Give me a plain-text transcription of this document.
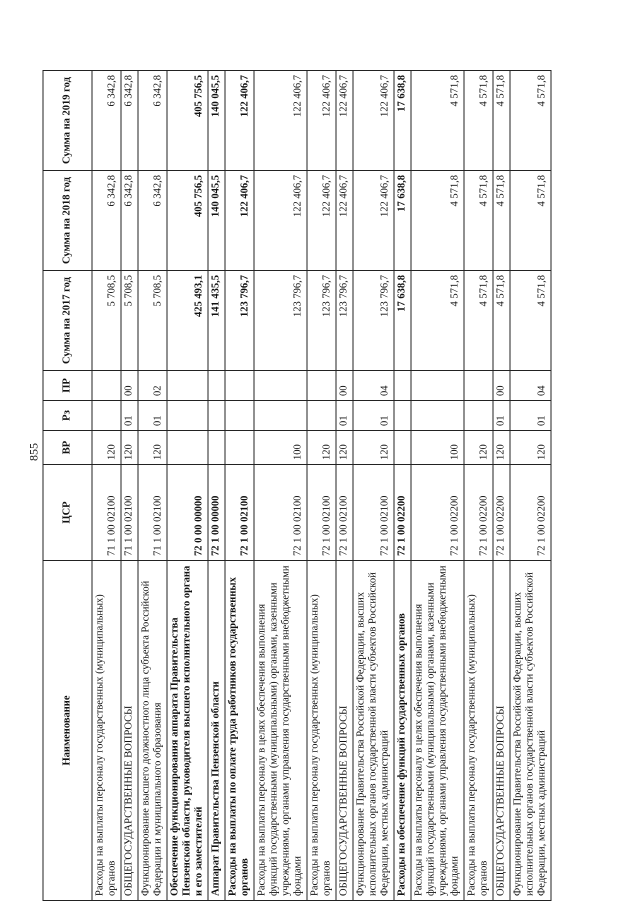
855
Наименование	ЦСР	ВР	Рз	ПР	Сумма на 2017 год	Сумма на 2018 год	Сумма на 2019 год
Расходы на выплаты персоналу государственных (муниципальных) органов	71 1 00 02100	120			5 708,5	6 342,8	6 342,8
ОБЩЕГОСУДАРСТВЕННЫЕ ВОПРОСЫ	71 1 00 02100	120	01	00	5 708,5	6 342,8	6 342,8
Функционирование высшего должностного лица субъекта Российской Федерации и муниципального образования	71 1 00 02100	120	01	02	5 708,5	6 342,8	6 342,8
Обеспечение функционирования аппарата Правительства Пензенской области, руководителя высшего исполнительного органа и его заместителей	72 0 00 00000				425 493,1	405 756,5	405 756,5
Аппарат Правительства Пензенской области	72 1 00 00000				141 435,5	140 045,5	140 045,5
Расходы на выплаты по оплате труда работников государственных органов	72 1 00 02100				123 796,7	122 406,7	122 406,7
Расходы на выплаты персоналу в целях обеспечения выполнения функций государственными (муниципальными) органами, казенными учреждениями, органами управления государственными внебюджетными фондами	72 1 00 02100	100			123 796,7	122 406,7	122 406,7
Расходы на выплаты персоналу государственных (муниципальных) органов	72 1 00 02100	120			123 796,7	122 406,7	122 406,7
ОБЩЕГОСУДАРСТВЕННЫЕ ВОПРОСЫ	72 1 00 02100	120	01	00	123 796,7	122 406,7	122 406,7
Функционирование Правительства Российской Федерации, высших исполнительных органов государственной власти субъектов Российской Федерации, местных администраций	72 1 00 02100	120	01	04	123 796,7	122 406,7	122 406,7
Расходы на обеспечение функций государственных органов	72 1 00 02200				17 638,8	17 638,8	17 638,8
Расходы на выплаты персоналу в целях обеспечения выполнения функций государственными (муниципальными) органами, казенными учреждениями, органами управления государственными внебюджетными фондами	72 1 00 02200	100			4 571,8	4 571,8	4 571,8
Расходы на выплаты персоналу государственных (муниципальных) органов	72 1 00 02200	120			4 571,8	4 571,8	4 571,8
ОБЩЕГОСУДАРСТВЕННЫЕ ВОПРОСЫ	72 1 00 02200	120	01	00	4 571,8	4 571,8	4 571,8
Функционирование Правительства Российской Федерации, высших исполнительных органов государственной власти субъектов Российской Федерации, местных администраций	72 1 00 02200	120	01	04	4 571,8	4 571,8	4 571,8
